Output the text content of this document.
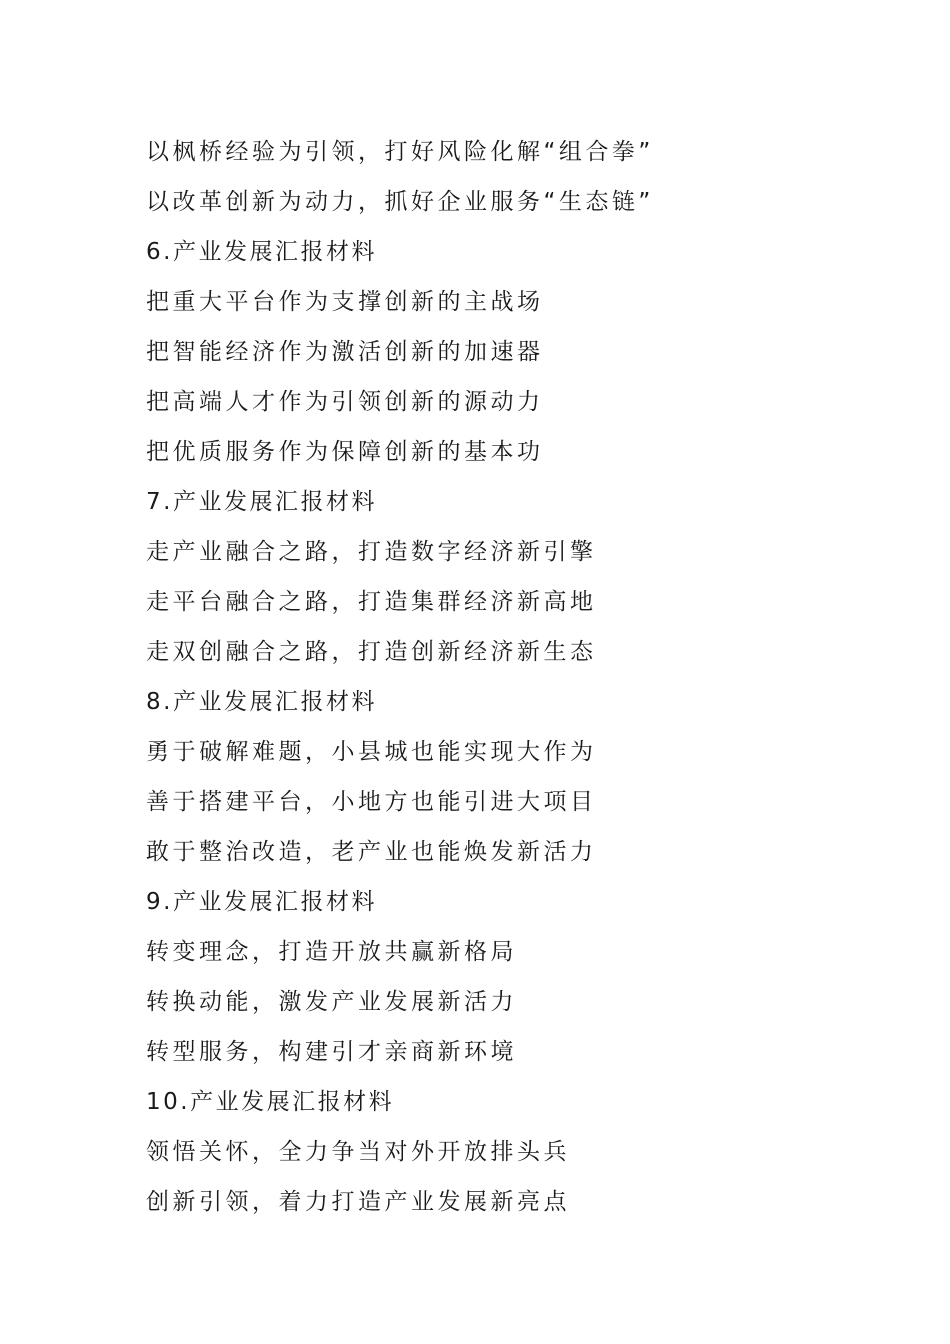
以枫桥经验为引领，打好风险化解“组合拳”
以改革创新为动力，抓好企业服务“生态链”
6.产业发展汇报材料
把重大平台作为支撑创新的主战场
把智能经济作为激活创新的加速器
把高端人才作为引领创新的源动力
把优质服务作为保障创新的基本功
7.产业发展汇报材料
走产业融合之路，打造数字经济新引擎
走平台融合之路，打造集群经济新高地
走双创融合之路，打造创新经济新生态
8.产业发展汇报材料
勇于破解难题，小县城也能实现大作为
善于搭建平台，小地方也能引进大项目
敢于整治改造，老产业也能焕发新活力
9.产业发展汇报材料
转变理念，打造开放共赢新格局
转换动能，激发产业发展新活力
转型服务，构建引才亲商新环境
10.产业发展汇报材料
领悟关怀，全力争当对外开放排头兵
创新引领，着力打造产业发展新亮点
